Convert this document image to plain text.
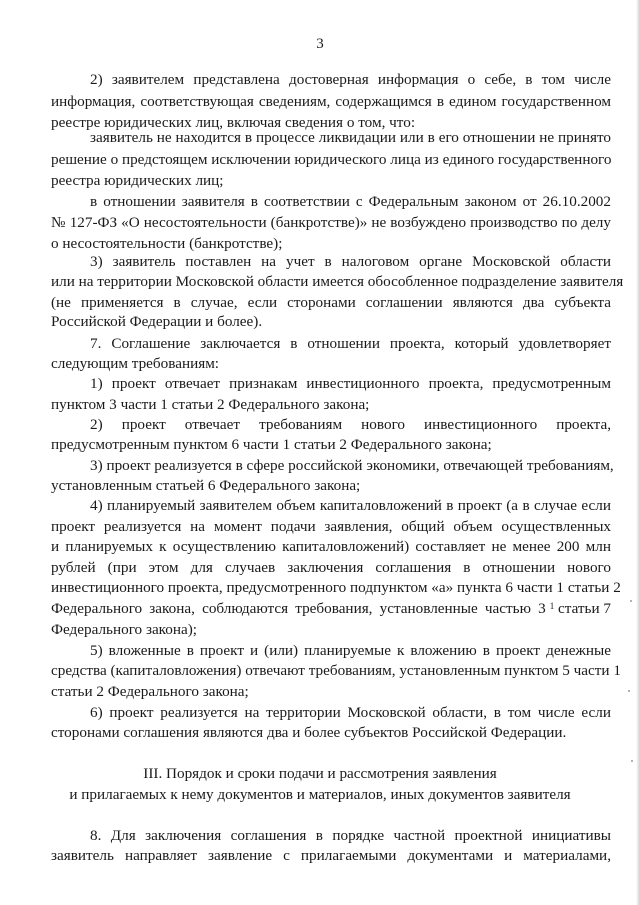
3
2) заявителем представлена достоверная информация о себе, в том числе
информация, соответствующая сведениям, содержащимся в едином государственном
реестре юридических лиц, включая сведения о том, что:
заявитель не находится в процессе ликвидации или в его отношении не принято
решение о предстоящем исключении юридического лица из единого государственного
реестра юридических лиц;
в отношении заявителя в соответствии с Федеральным законом от 26.10.2002
№ 127-ФЗ «О несостоятельности (банкротстве)» не возбуждено производство по делу
о несостоятельности (банкротстве);
3) заявитель поставлен на учет в налоговом органе Московской области
или на территории Московской области имеется обособленное подразделение заявителя
(не применяется в случае, если сторонами соглашении являются два субъекта
Российской Федерации и более).
7. Соглашение заключается в отношении проекта, который удовлетворяет
следующим требованиям:
1) проект отвечает признакам инвестиционного проекта, предусмотренным
пунктом 3 части 1 статьи 2 Федерального закона;
2) проект отвечает требованиям нового инвестиционного проекта,
предусмотренным пунктом 6 части 1 статьи 2 Федерального закона;
3) проект реализуется в сфере российской экономики, отвечающей требованиям,
установленным статьей 6 Федерального закона;
4) планируемый заявителем объем капиталовложений в проект (а в случае если
проект реализуется на момент подачи заявления, общий объем осуществленных
и планируемых к осуществлению капиталовложений) составляет не менее 200 млн
рублей (при этом для случаев заключения соглашения в отношении нового
инвестиционного проекта, предусмотренного подпунктом «а» пункта 6 части 1 статьи 2
Федерального закона, соблюдаются требования, установленные частью 3 $^1$ статьи 7
Федерального закона);
5) вложенные в проект и (или) планируемые к вложению в проект денежные
средства (капиталовложения) отвечают требованиям, установленным пунктом 5 части 1
статьи 2 Федерального закона;
6) проект реализуется на территории Московской области, в том числе если
сторонами соглашения являются два и более субъектов Российской Федерации.
III. Порядок и сроки подачи и рассмотрения заявления
и прилагаемых к нему документов и материалов, иных документов заявителя
8. Для заключения соглашения в порядке частной проектной инициативы
заявитель направляет заявление с прилагаемыми документами и материалами,
